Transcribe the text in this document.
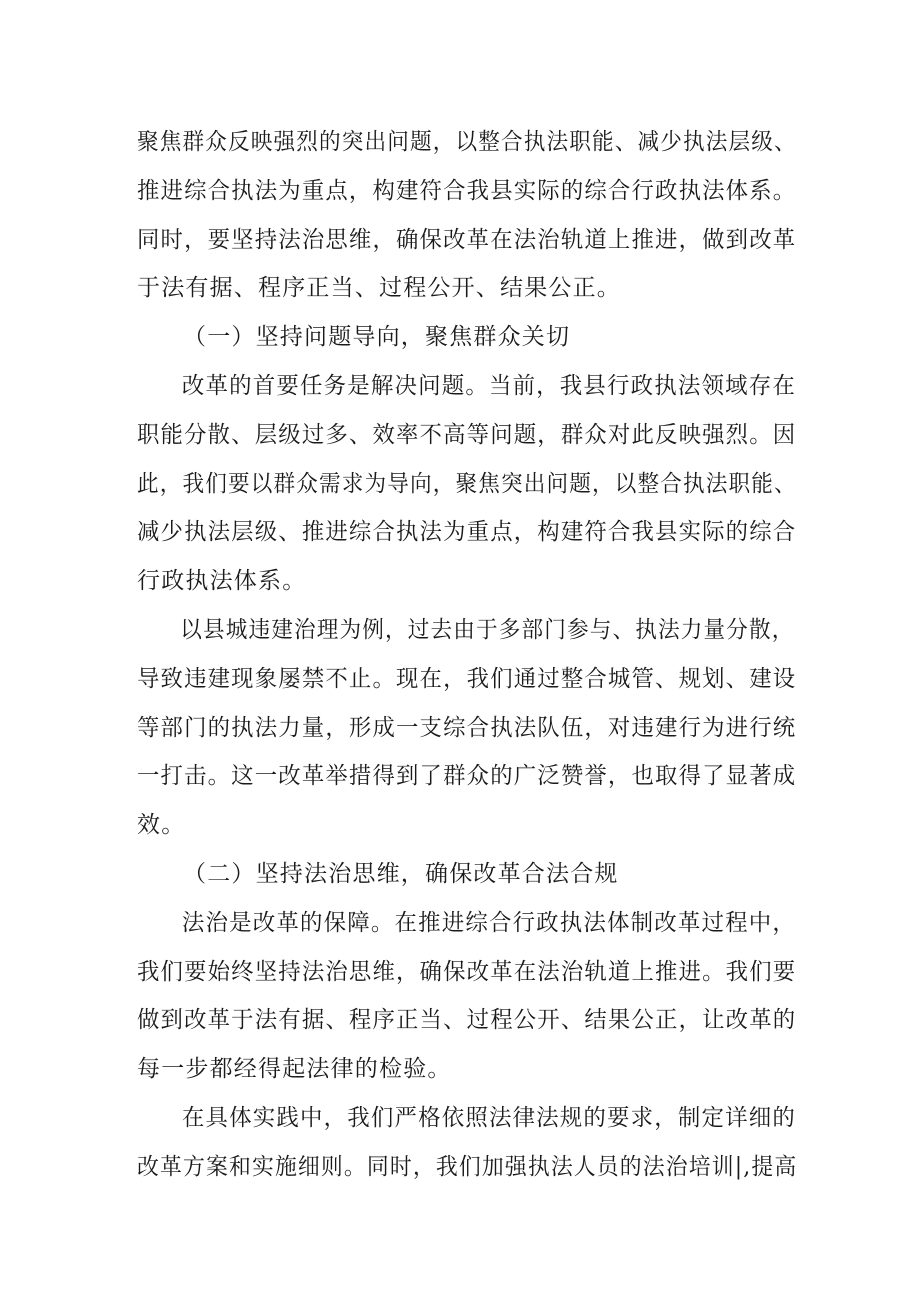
聚焦群众反映强烈的突出问题，以整合执法职能、减少执法层级、
推进综合执法为重点，构建符合我县实际的综合行政执法体系。
同时，要坚持法治思维，确保改革在法治轨道上推进，做到改革
于法有据、程序正当、过程公开、结果公正。
（一）坚持问题导向，聚焦群众关切
改革的首要任务是解决问题。当前，我县行政执法领域存在
职能分散、层级过多、效率不高等问题，群众对此反映强烈。因
此，我们要以群众需求为导向，聚焦突出问题，以整合执法职能、
减少执法层级、推进综合执法为重点，构建符合我县实际的综合
行政执法体系。
以县城违建治理为例，过去由于多部门参与、执法力量分散，
导致违建现象屡禁不止。现在，我们通过整合城管、规划、建设
等部门的执法力量，形成一支综合执法队伍，对违建行为进行统
一打击。这一改革举措得到了群众的广泛赞誉，也取得了显著成
效。
（二）坚持法治思维，确保改革合法合规
法治是改革的保障。在推进综合行政执法体制改革过程中，
我们要始终坚持法治思维，确保改革在法治轨道上推进。我们要
做到改革于法有据、程序正当、过程公开、结果公正，让改革的
每一步都经得起法律的检验。
在具体实践中，我们严格依照法律法规的要求，制定详细的
改革方案和实施细则。同时，我们加强执法人员的法治培训|,提高
